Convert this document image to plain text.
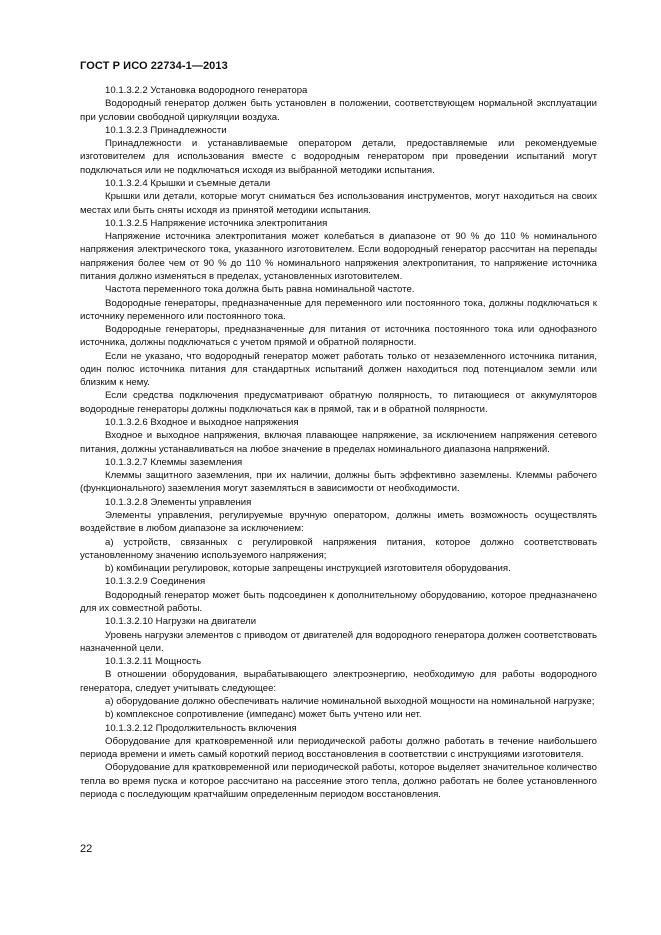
ГОСТ Р ИСО 22734-1—2013

10.1.3.2.2 Установка водородного генератора

Водородный генератор должен быть установлен в положении, соответствующем нормальной эксплуатации при условии свободной циркуляции воздуха.

10.1.3.2.3 Принадлежности

Принадлежности и устанавливаемые оператором детали, предоставляемые или рекомендуемые изготовителем для использования вместе с водородным генератором при проведении испытаний могут подключаться или не подключаться исходя из выбранной методики испытания.

10.1.3.2.4 Крышки и съемные детали

Крышки или детали, которые могут сниматься без использования инструментов, могут находиться на своих местах или быть сняты исходя из принятой методики испытания.

10.1.3.2.5 Напряжение источника электропитания

Напряжение источника электропитания может колебаться в диапазоне от 90 % до 110 % номинального напряжения электрического тока, указанного изготовителем. Если водородный генератор рассчитан на перепады напряжения более чем от 90 % до 110 % номинального напряжения электропитания, то напряжение источника питания должно изменяться в пределах, установленных изготовителем.

Частота переменного тока должна быть равна номинальной частоте.

Водородные генераторы, предназначенные для переменного или постоянного тока, должны подключаться к источнику переменного или постоянного тока.

Водородные генераторы, предназначенные для питания от источника постоянного тока или однофазного источника, должны подключаться с учетом прямой и обратной полярности.

Если не указано, что водородный генератор может работать только от незаземленного источника питания, один полюс источника питания для стандартных испытаний должен находиться под потенциалом земли или близким к нему.

Если средства подключения предусматривают обратную полярность, то питающиеся от аккумуляторов водородные генераторы должны подключаться как в прямой, так и в обратной полярности.

10.1.3.2.6 Входное и выходное напряжения

Входное и выходное напряжения, включая плавающее напряжение, за исключением напряжения сетевого питания, должны устанавливаться на любое значение в пределах номинального диапазона напряжений.

10.1.3.2.7 Клеммы заземления

Клеммы защитного заземления, при их наличии, должны быть эффективно заземлены. Клеммы рабочего (функционального) заземления могут заземляться в зависимости от необходимости.

10.1.3.2.8 Элементы управления

Элементы управления, регулируемые вручную оператором, должны иметь возможность осуществлять воздействие в любом диапазоне за исключением:

a) устройств, связанных с регулировкой напряжения питания, которое должно соответствовать установленному значению используемого напряжения;

b) комбинации регулировок, которые запрещены инструкцией изготовителя оборудования.

10.1.3.2.9 Соединения

Водородный генератор может быть подсоединен к дополнительному оборудованию, которое предназначено для их совместной работы.

10.1.3.2.10 Нагрузки на двигатели

Уровень нагрузки элементов с приводом от двигателей для водородного генератора должен соответствовать назначенной цели.

10.1.3.2.11 Мощность

В отношении оборудования, вырабатывающего электроэнергию, необходимую для работы водородного генератора, следует учитывать следующее:

a) оборудование должно обеспечивать наличие номинальной выходной мощности на номинальной нагрузке;

b) комплексное сопротивление (импеданс) может быть учтено или нет.

10.1.3.2.12 Продолжительность включения

Оборудование для кратковременной или периодической работы должно работать в течение наибольшего периода времени и иметь самый короткий период восстановления в соответствии с инструкциями изготовителя.

Оборудование для кратковременной или периодической работы, которое выделяет значительное количество тепла во время пуска и которое рассчитано на рассеяние этого тепла, должно работать не более установленного периода с последующим кратчайшим определенным периодом восстановления.

22
